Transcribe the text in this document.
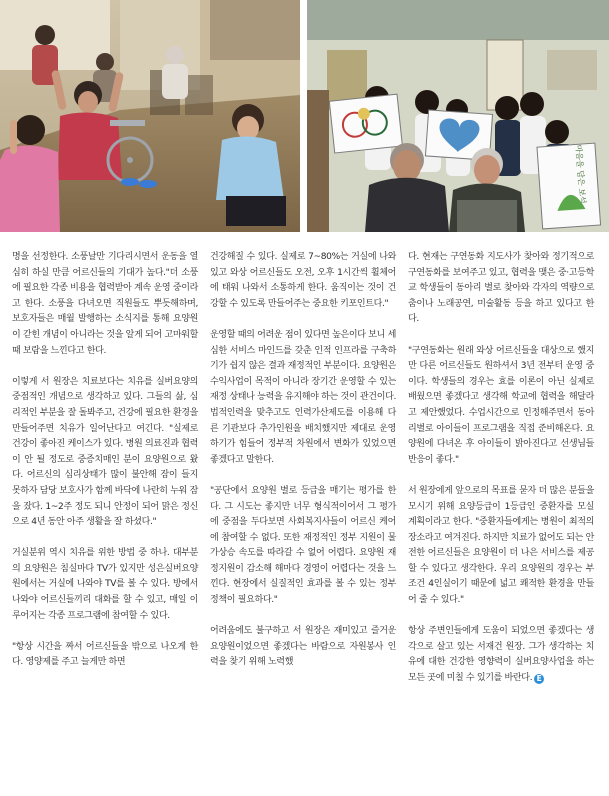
마음을 담은 보석

명을 선정한다. 소풍날만 기다리시면서 운동을 열심히 하실 만큼 어르신들의 기대가 높다."더 소풍에 필요한 각종 비용을 협력받아 계속 운영 중이라고 한다. 소풍을 다녀오면 직원들도 뿌듯해하며, 보호자들은 매월 발행하는 소식지를 통해 요양원이 갇힌 개념이 아니라는 것을 알게 되어 고마워할 때 보람을 느낀다고 한다.

이렇게 서 원장은 치료보다는 치유를 실버요양의 중점적인 개념으로 생각하고 있다. 그들의 삶, 심리적인 부분을 잘 돌봐주고, 건강에 필요한 환경을 만들어주면 치유가 일어난다고 여긴다. "실제로 건강이 좋아진 케이스가 있다. 병원 의료진과 협력이 안 될 정도로 중증치매인 분이 요양원으로 왔다. 어르신의 심리상태가 많이 불안해 잠이 들지 못하자 담당 보호사가 함께 바닥에 나란히 누워 잠을 잤다. 1~2주 정도 되니 안정이 되어 맑은 정신으로 4년 동안 아주 생활을 잘 하셨다."

거실분위 역시 치유를 위한 방법 중 하나. 대부분의 요양원은 침실마다 TV가 있지만 성은실버요양원에서는 거실에 나와야 TV를 볼 수 있다. 방에서 나와야 어르신들끼리 대화를 할 수 있고, 매일 이루어지는 각종 프로그램에 참여할 수 있다.

"항상 시간을 짜서 어르신들을 밖으로 나오게 한다. 영양제를 주고 늘게만 하면

건강해질 수 있다. 실제로 7~80%는 거실에 나와 있고 와상 어르신들도 오전, 오후 1시간씩 휠체어에 태워 나와서 소통하게 한다. 움직이는 것이 건강할 수 있도록 만들어주는 중요한 키포인트다."

운영할 때의 어려운 점이 있다면 높은이다 보니 세심한 서비스 마인드를 갖춘 인적 인프라를 구축하기가 쉽지 않은 결과 재정적인 부분이다. 요양원은 수익사업이 목적이 아니라 장기간 운영할 수 있는 재정 상태나 능력을 유지해야 하는 것이 관건이다. 법적인력을 맞추고도 인력가산제도를 이용해 다른 기관보다 추가인원을 배치했지만 제대로 운영하기가 힘들어 정부적 차원에서 변화가 있었으면 좋겠다고 말한다.

"공단에서 요양원 별로 등급을 매기는 평가를 한다. 그 시도는 좋지만 너무 형식적이어서 그 평가에 중점을 두다보면 사회복지사들이 어르신 케어에 참여할 수 없다. 또한 재정적인 정부 지원이 물가상승 속도를 따라갈 수 없어 어렵다. 요양원 재정지원이 감소해 해마다 경영이 어렵다는 것을 느낀다. 현장에서 실질적인 효과를 볼 수 있는 정부정책이 필요하다."

어려움에도 불구하고 서 원장은 재미있고 즐거운 요양원이었으면 좋겠다는 바람으로 자원봉사 인력을 찾기 위해 노력했

다. 현재는 구연동화 지도사가 찾아와 정기적으로 구연동화를 보여주고 있고, 협력을 맺은 중·고등학교 학생들이 동아리 별로 찾아와 각자의 역량으로 춤이나 노래공연, 미술활동 등을 하고 있다고 한다.

"구연동화는 원래 와상 어르신들을 대상으로 했지만 다른 어르신들도 원하셔서 3년 전부터 운영 중이다. 학생들의 경우는 효를 이론이 아닌 실제로 배웠으면 좋겠다고 생각해 학교에 협력을 해달라고 제안했었다. 수업시간으로 인정해주면서 동아리별로 아이들이 프로그램을 직접 준비해온다. 요양원에 다녀온 후 아이들이 밝아진다고 선생님들 반응이 좋다."

서 원장에게 앞으로의 목표를 묻자 더 많은 분들을 모시기 위해 요양등급이 1등급인 중환자를 모실 계획이라고 한다. "중환자들에게는 병원이 최적의 장소라고 여겨진다. 하지만 치료가 없어도 되는 안전한 어르신들은 요양원이 더 나은 서비스를 제공할 수 있다고 생각한다. 우리 요양원의 경우는 부조건 4인실이기 때문에 넓고 쾌적한 환경을 만들어 줄 수 있다."

항상 주변인들에게 도움이 되었으면 좋겠다는 생각으로 살고 있는 서재건 원장. 그가 생각하는 치유에 대한 건강한 영향력이 실버요양사업을 하는 모든 곳에 미칠 수 있기를 바란다. E
